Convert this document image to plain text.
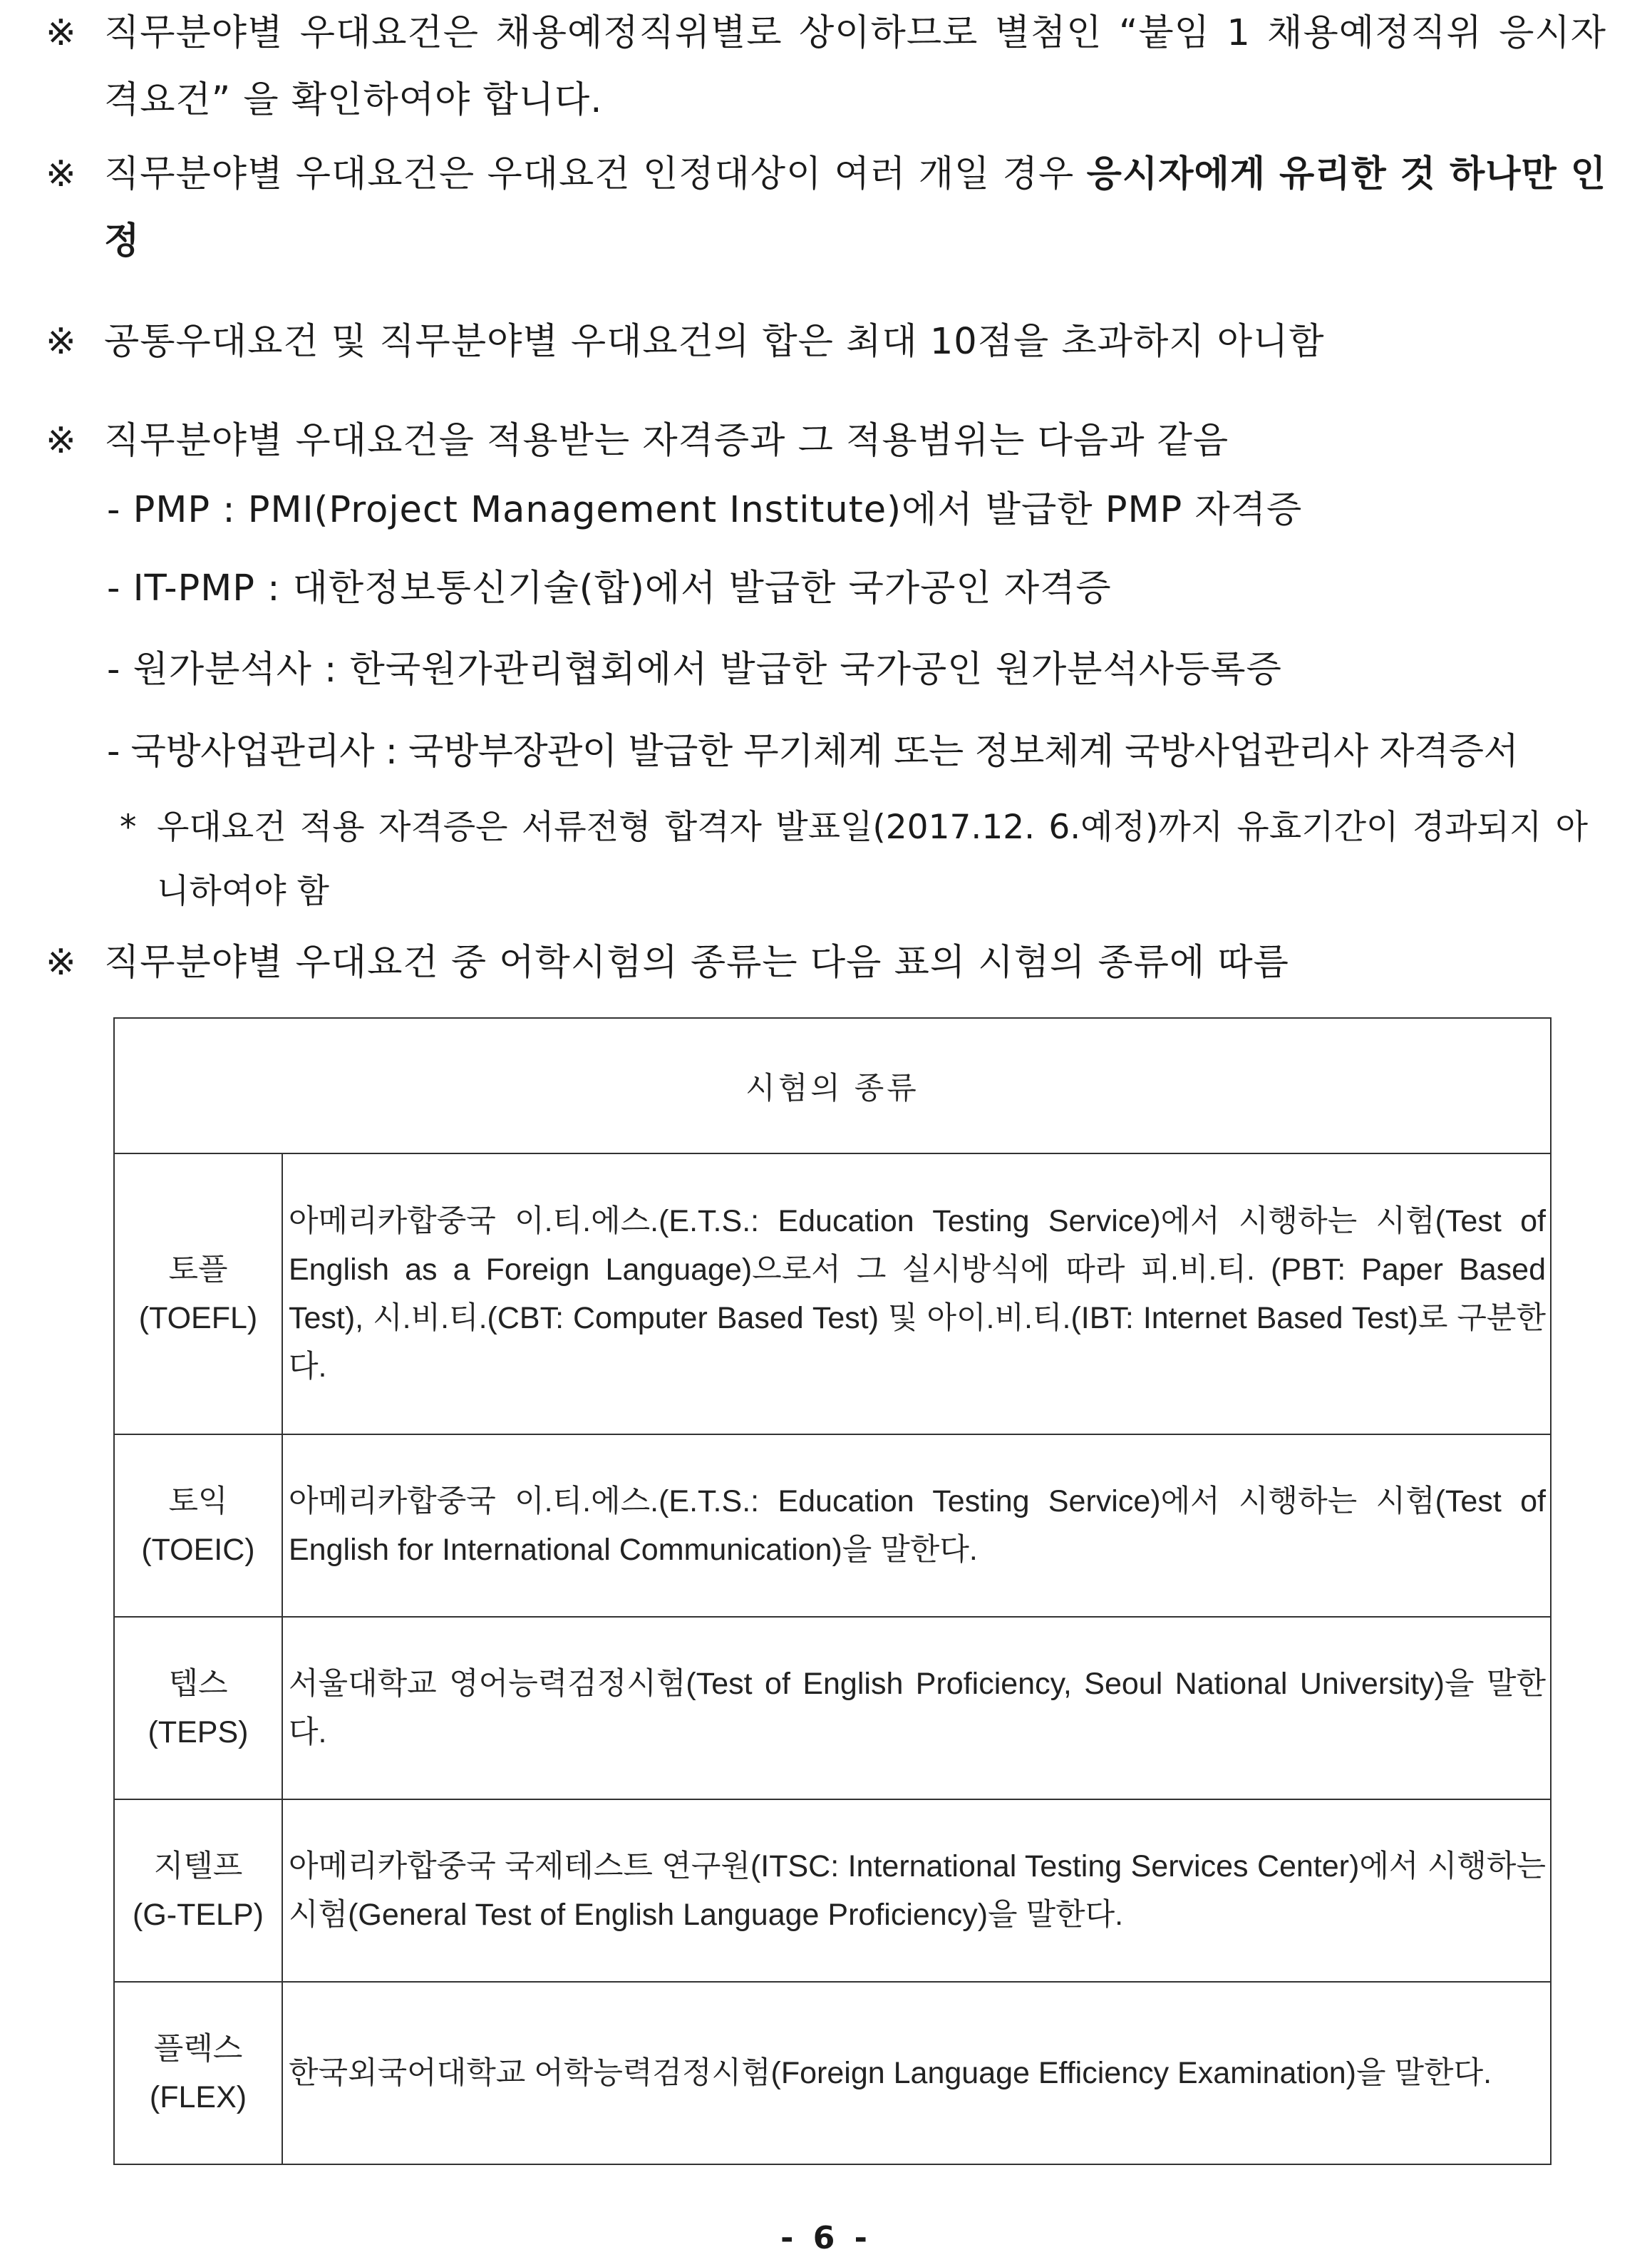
※ 직무분야별 우대요건은 채용예정직위별로 상이하므로 별첨인 “붙임 1 채용예정직위 응시자격요건” 을 확인하여야 합니다.
※ 직무분야별 우대요건은 우대요건 인정대상이 여러 개일 경우 응시자에게 유리한 것 하나만 인정
※ 공통우대요건 및 직무분야별 우대요건의 합은 최대 10점을 초과하지 아니함
※ 직무분야별 우대요건을 적용받는 자격증과 그 적용범위는 다음과 같음
- PMP : PMI(Project Management Institute)에서 발급한 PMP 자격증
- IT-PMP : 대한정보통신기술(합)에서 발급한 국가공인 자격증
- 원가분석사 : 한국원가관리협회에서 발급한 국가공인 원가분석사등록증
- 국방사업관리사 : 국방부장관이 발급한 무기체계 또는 정보체계 국방사업관리사 자격증서
* 우대요건 적용 자격증은 서류전형 합격자 발표일(2017.12. 6.예정)까지 유효기간이 경과되지 아니하여야 함
※ 직무분야별 우대요건 중 어학시험의 종류는 다음 표의 시험의 종류에 따름
시험의 종류	

토플
(TOEFL)	아메리카합중국 이.티.에스.(E.T.S.: Education Testing Service)에서 시행하는 시험(Test of English as a Foreign Language)으로서 그 실시방식에 따라 피.비.티. (PBT: Paper Based Test), 시.비.티.(CBT: Computer Based Test) 및 아이.비.티.(IBT: Internet Based Test)로 구분한다.

토익
(TOEIC)	아메리카합중국 이.티.에스.(E.T.S.: Education Testing Service)에서 시행하는 시험(Test of English for International Communication)을 말한다.

텝스
(TEPS)	서울대학교 영어능력검정시험(Test of English Proficiency, Seoul National University)을 말한다.

지텔프
(G-TELP)	아메리카합중국 국제테스트 연구원(ITSC: International Testing Services Center)에서 시행하는 시험(General Test of English Language Proficiency)을 말한다.

플렉스
(FLEX)	한국외국어대학교 어학능력검정시험(Foreign Language Efficiency Examination)을 말한다.
- 6 -
